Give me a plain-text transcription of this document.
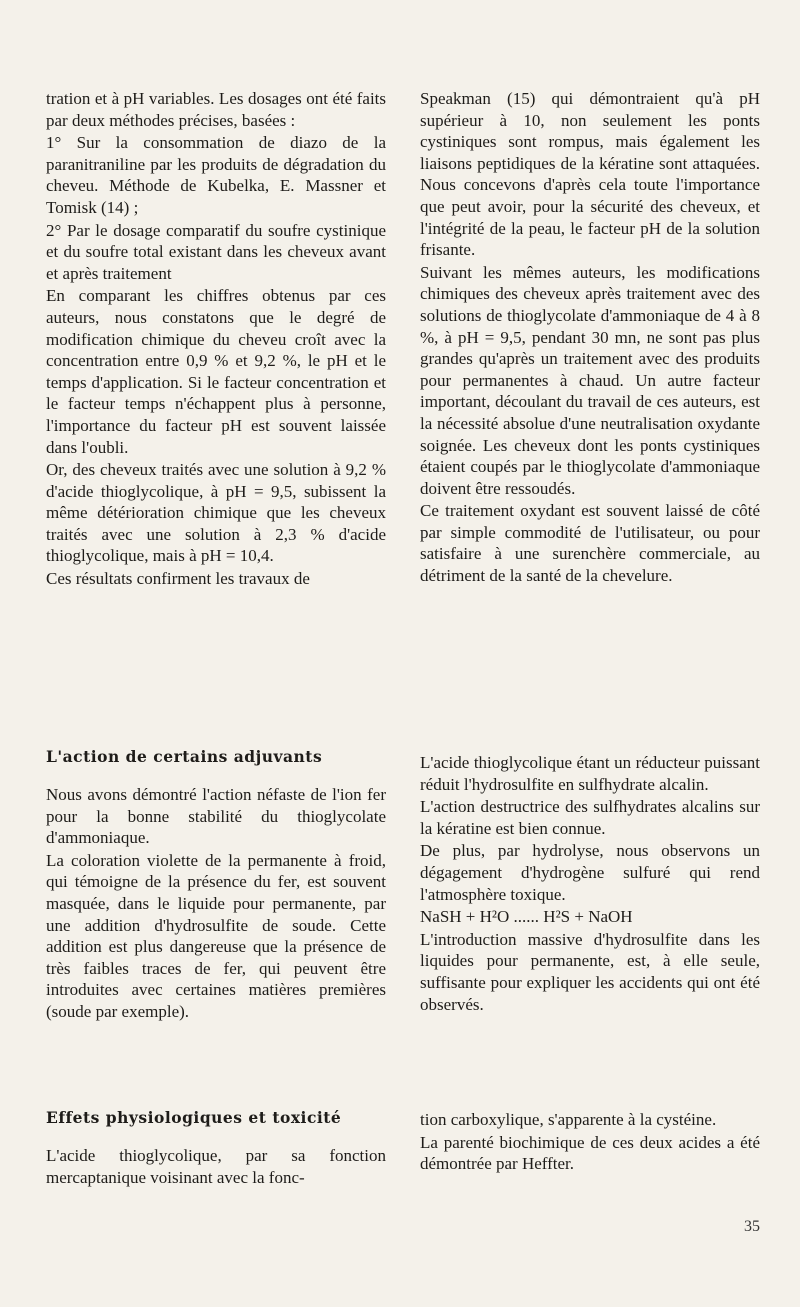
tration et à pH variables. Les dosages ont été faits par deux méthodes précises, basées :

1° Sur la consommation de diazo de la paranitraniline par les produits de dégradation du cheveu. Méthode de Kubelka, E. Massner et Tomisk (14) ;

2° Par le dosage comparatif du soufre cystinique et du soufre total existant dans les cheveux avant et après traitement

En comparant les chiffres obtenus par ces auteurs, nous constatons que le degré de modification chimique du cheveu croît avec la concentration entre 0,9 % et 9,2 %, le pH et le temps d'application. Si le facteur concentration et le facteur temps n'échappent plus à personne, l'importance du facteur pH est souvent laissée dans l'oubli.

Or, des cheveux traités avec une solution à 9,2 % d'acide thioglycolique, à pH = 9,5, subissent la même détérioration chimique que les cheveux traités avec une solution à 2,3 % d'acide thioglycolique, mais à pH = 10,4.

Ces résultats confirment les travaux de

Speakman (15) qui démontraient qu'à pH supérieur à 10, non seulement les ponts cystiniques sont rompus, mais également les liaisons peptidiques de la kératine sont attaquées. Nous concevons d'après cela toute l'importance que peut avoir, pour la sécurité des cheveux, et l'intégrité de la peau, le facteur pH de la solution frisante.

Suivant les mêmes auteurs, les modifications chimiques des cheveux après traitement avec des solutions de thioglycolate d'ammoniaque de 4 à 8 %, à pH = 9,5, pendant 30 mn, ne sont pas plus grandes qu'après un traitement avec des produits pour permanentes à chaud. Un autre facteur important, découlant du travail de ces auteurs, est la nécessité absolue d'une neutralisation oxydante soignée. Les cheveux dont les ponts cystiniques étaient coupés par le thioglycolate d'ammoniaque doivent être ressoudés.

Ce traitement oxydant est souvent laissé de côté par simple commodité de l'utilisateur, ou pour satisfaire à une surenchère commerciale, au détriment de la santé de la chevelure.

L'action de certains adjuvants

Nous avons démontré l'action néfaste de l'ion fer pour la bonne stabilité du thioglycolate d'ammoniaque.

La coloration violette de la permanente à froid, qui témoigne de la présence du fer, est souvent masquée, dans le liquide pour permanente, par une addition d'hydrosulfite de soude. Cette addition est plus dangereuse que la présence de très faibles traces de fer, qui peuvent être introduites avec certaines matières premières (soude par exemple).

L'acide thioglycolique étant un réducteur puissant réduit l'hydrosulfite en sulfhydrate alcalin.

L'action destructrice des sulfhydrates alcalins sur la kératine est bien connue.

De plus, par hydrolyse, nous observons un dégagement d'hydrogène sulfuré qui rend l'atmosphère toxique.

NaSH + H²O ...... H²S + NaOH

L'introduction massive d'hydrosulfite dans les liquides pour permanente, est, à elle seule, suffisante pour expliquer les accidents qui ont été observés.

Effets physiologiques et toxicité

L'acide thioglycolique, par sa fonction mercaptanique voisinant avec la fonc-

tion carboxylique, s'apparente à la cystéine.

La parenté biochimique de ces deux acides a été démontrée par Heffter.

35
